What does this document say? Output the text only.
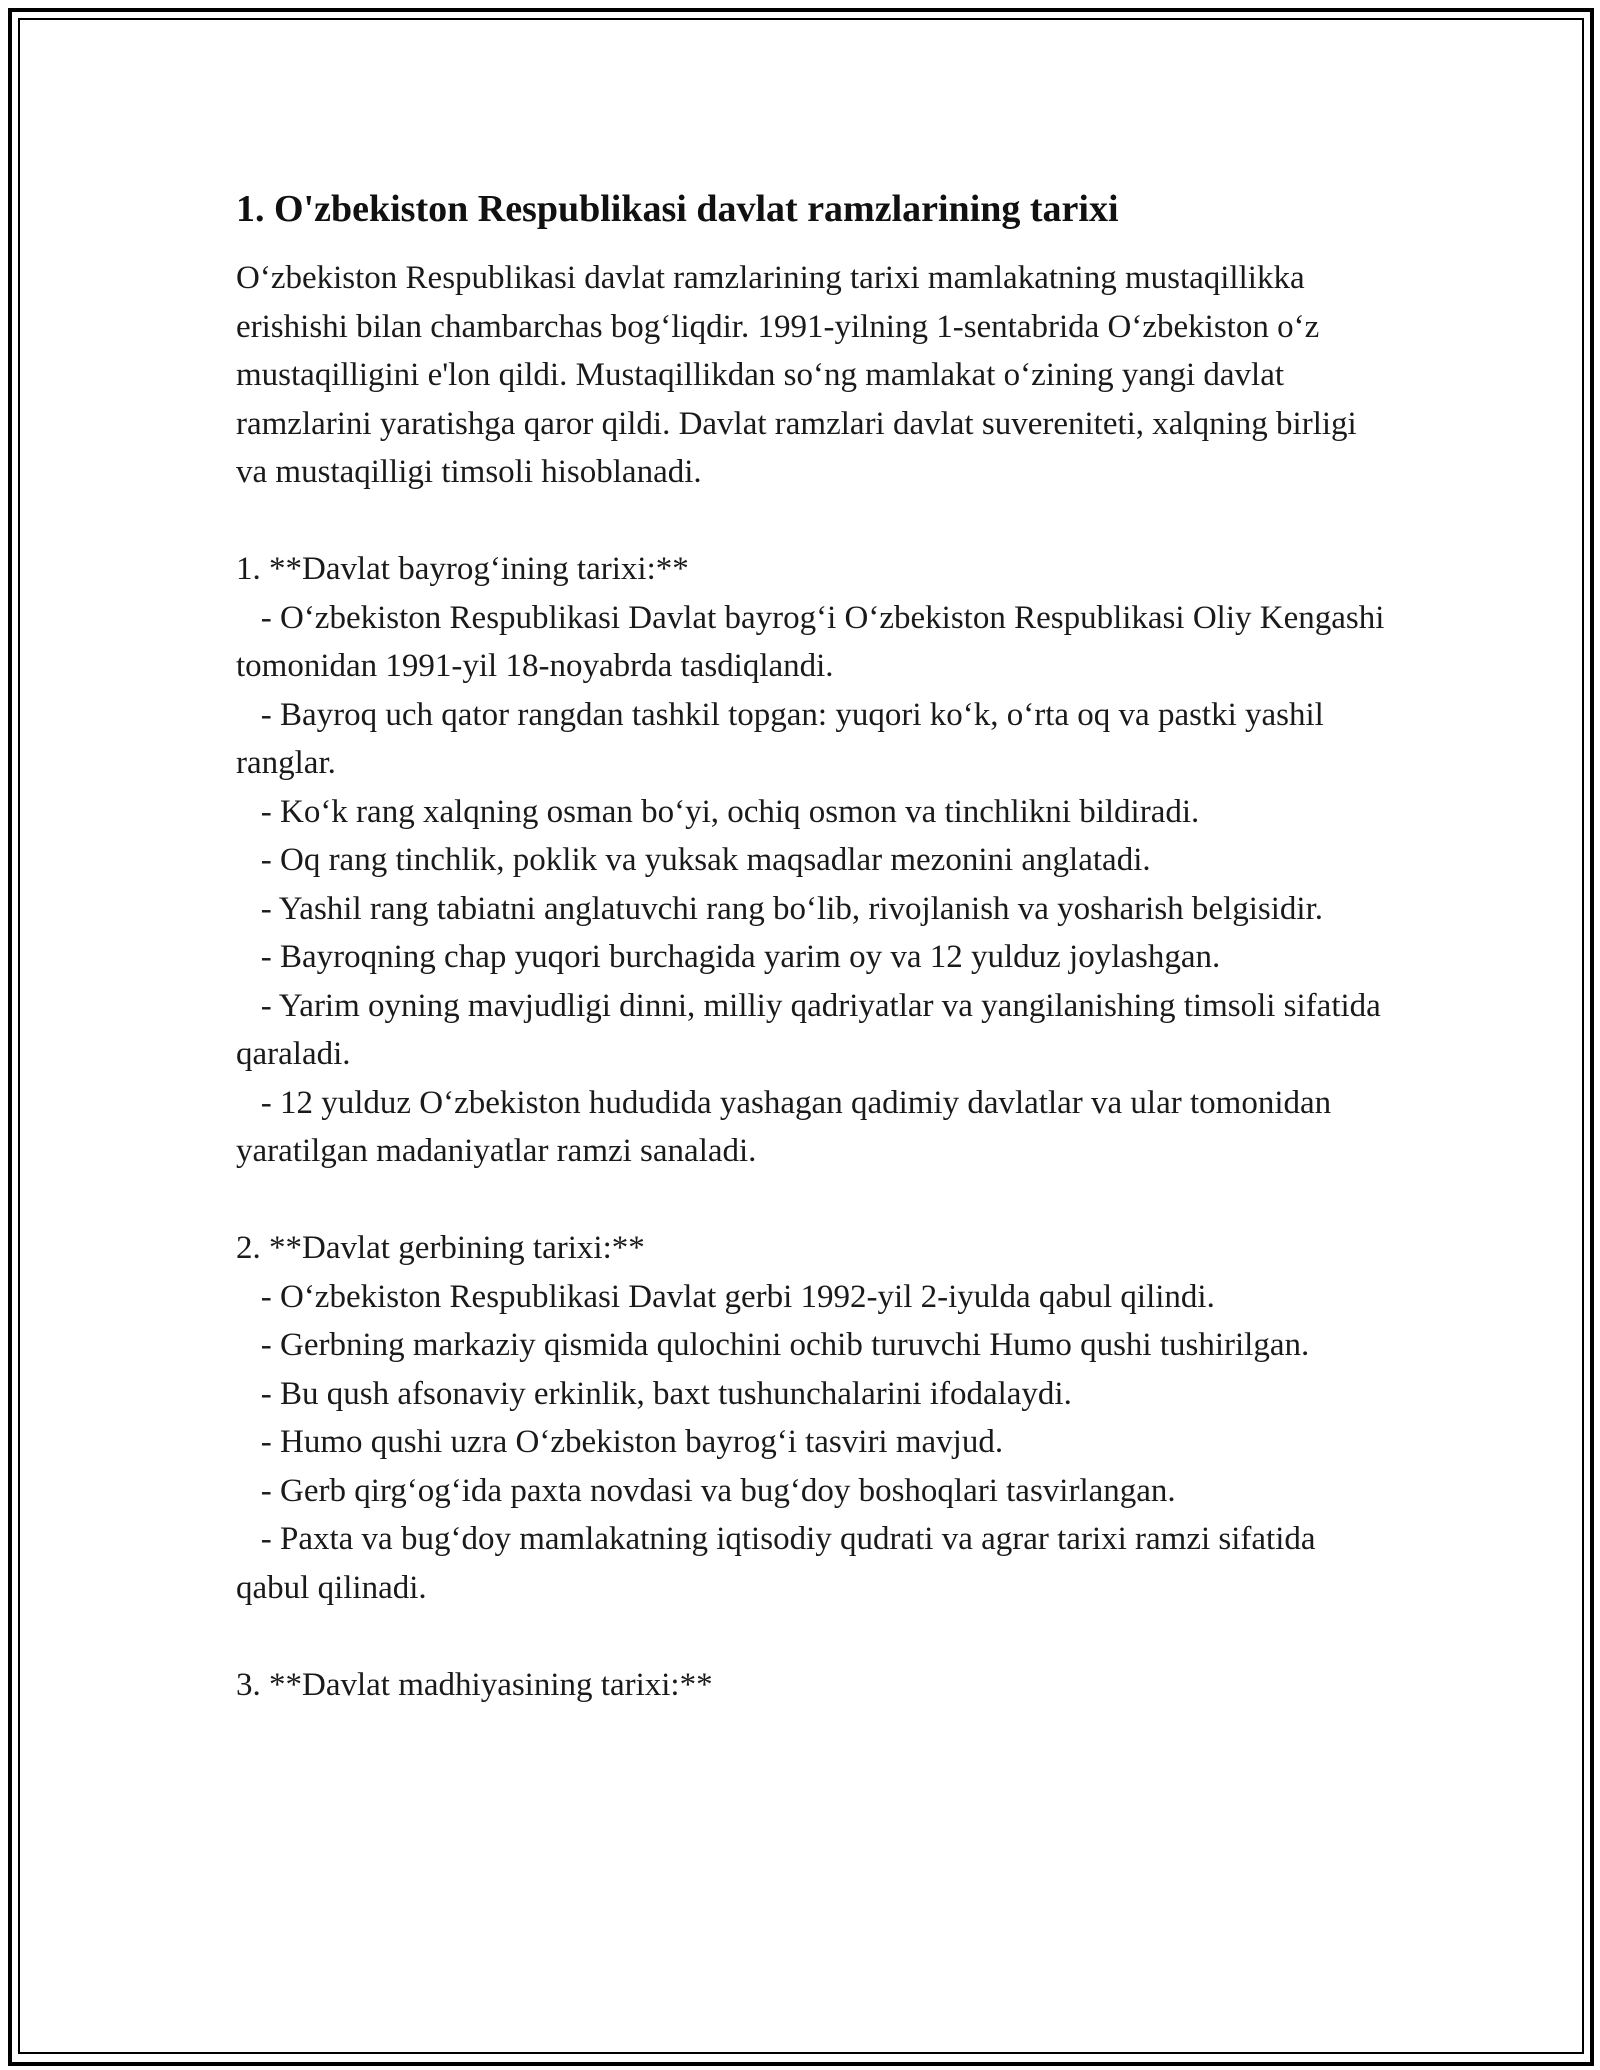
1. O'zbekiston Respublikasi davlat ramzlarining tarixi

O‘zbekiston Respublikasi davlat ramzlarining tarixi mamlakatning mustaqillikka erishishi bilan chambarchas bog‘liqdir. 1991-yilning 1-sentabrida O‘zbekiston o‘z mustaqilligini e'lon qildi. Mustaqillikdan so‘ng mamlakat o‘zining yangi davlat ramzlarini yaratishga qaror qildi. Davlat ramzlari davlat suvereniteti, xalqning birligi va mustaqilligi timsoli hisoblanadi.

1. **Davlat bayrog‘ining tarixi:**

- O‘zbekiston Respublikasi Davlat bayrog‘i O‘zbekiston Respublikasi Oliy Kengashi tomonidan 1991-yil 18-noyabrda tasdiqlandi.

- Bayroq uch qator rangdan tashkil topgan: yuqori ko‘k, o‘rta oq va pastki yashil ranglar.

- Ko‘k rang xalqning osman bo‘yi, ochiq osmon va tinchlikni bildiradi.

- Oq rang tinchlik, poklik va yuksak maqsadlar mezonini anglatadi.

- Yashil rang tabiatni anglatuvchi rang bo‘lib, rivojlanish va yosharish belgisidir.

- Bayroqning chap yuqori burchagida yarim oy va 12 yulduz joylashgan.

- Yarim oyning mavjudligi dinni, milliy qadriyatlar va yangilanishing timsoli sifatida qaraladi.

- 12 yulduz O‘zbekiston hududida yashagan qadimiy davlatlar va ular tomonidan yaratilgan madaniyatlar ramzi sanaladi.

2. **Davlat gerbining tarixi:**

- O‘zbekiston Respublikasi Davlat gerbi 1992-yil 2-iyulda qabul qilindi.

- Gerbning markaziy qismida qulochini ochib turuvchi Humo qushi tushirilgan.

- Bu qush afsonaviy erkinlik, baxt tushunchalarini ifodalaydi.

- Humo qushi uzra O‘zbekiston bayrog‘i tasviri mavjud.

- Gerb qirg‘og‘ida paxta novdasi va bug‘doy boshoqlari tasvirlangan.

- Paxta va bug‘doy mamlakatning iqtisodiy qudrati va agrar tarixi ramzi sifatida qabul qilinadi.

3. **Davlat madhiyasining tarixi:**
